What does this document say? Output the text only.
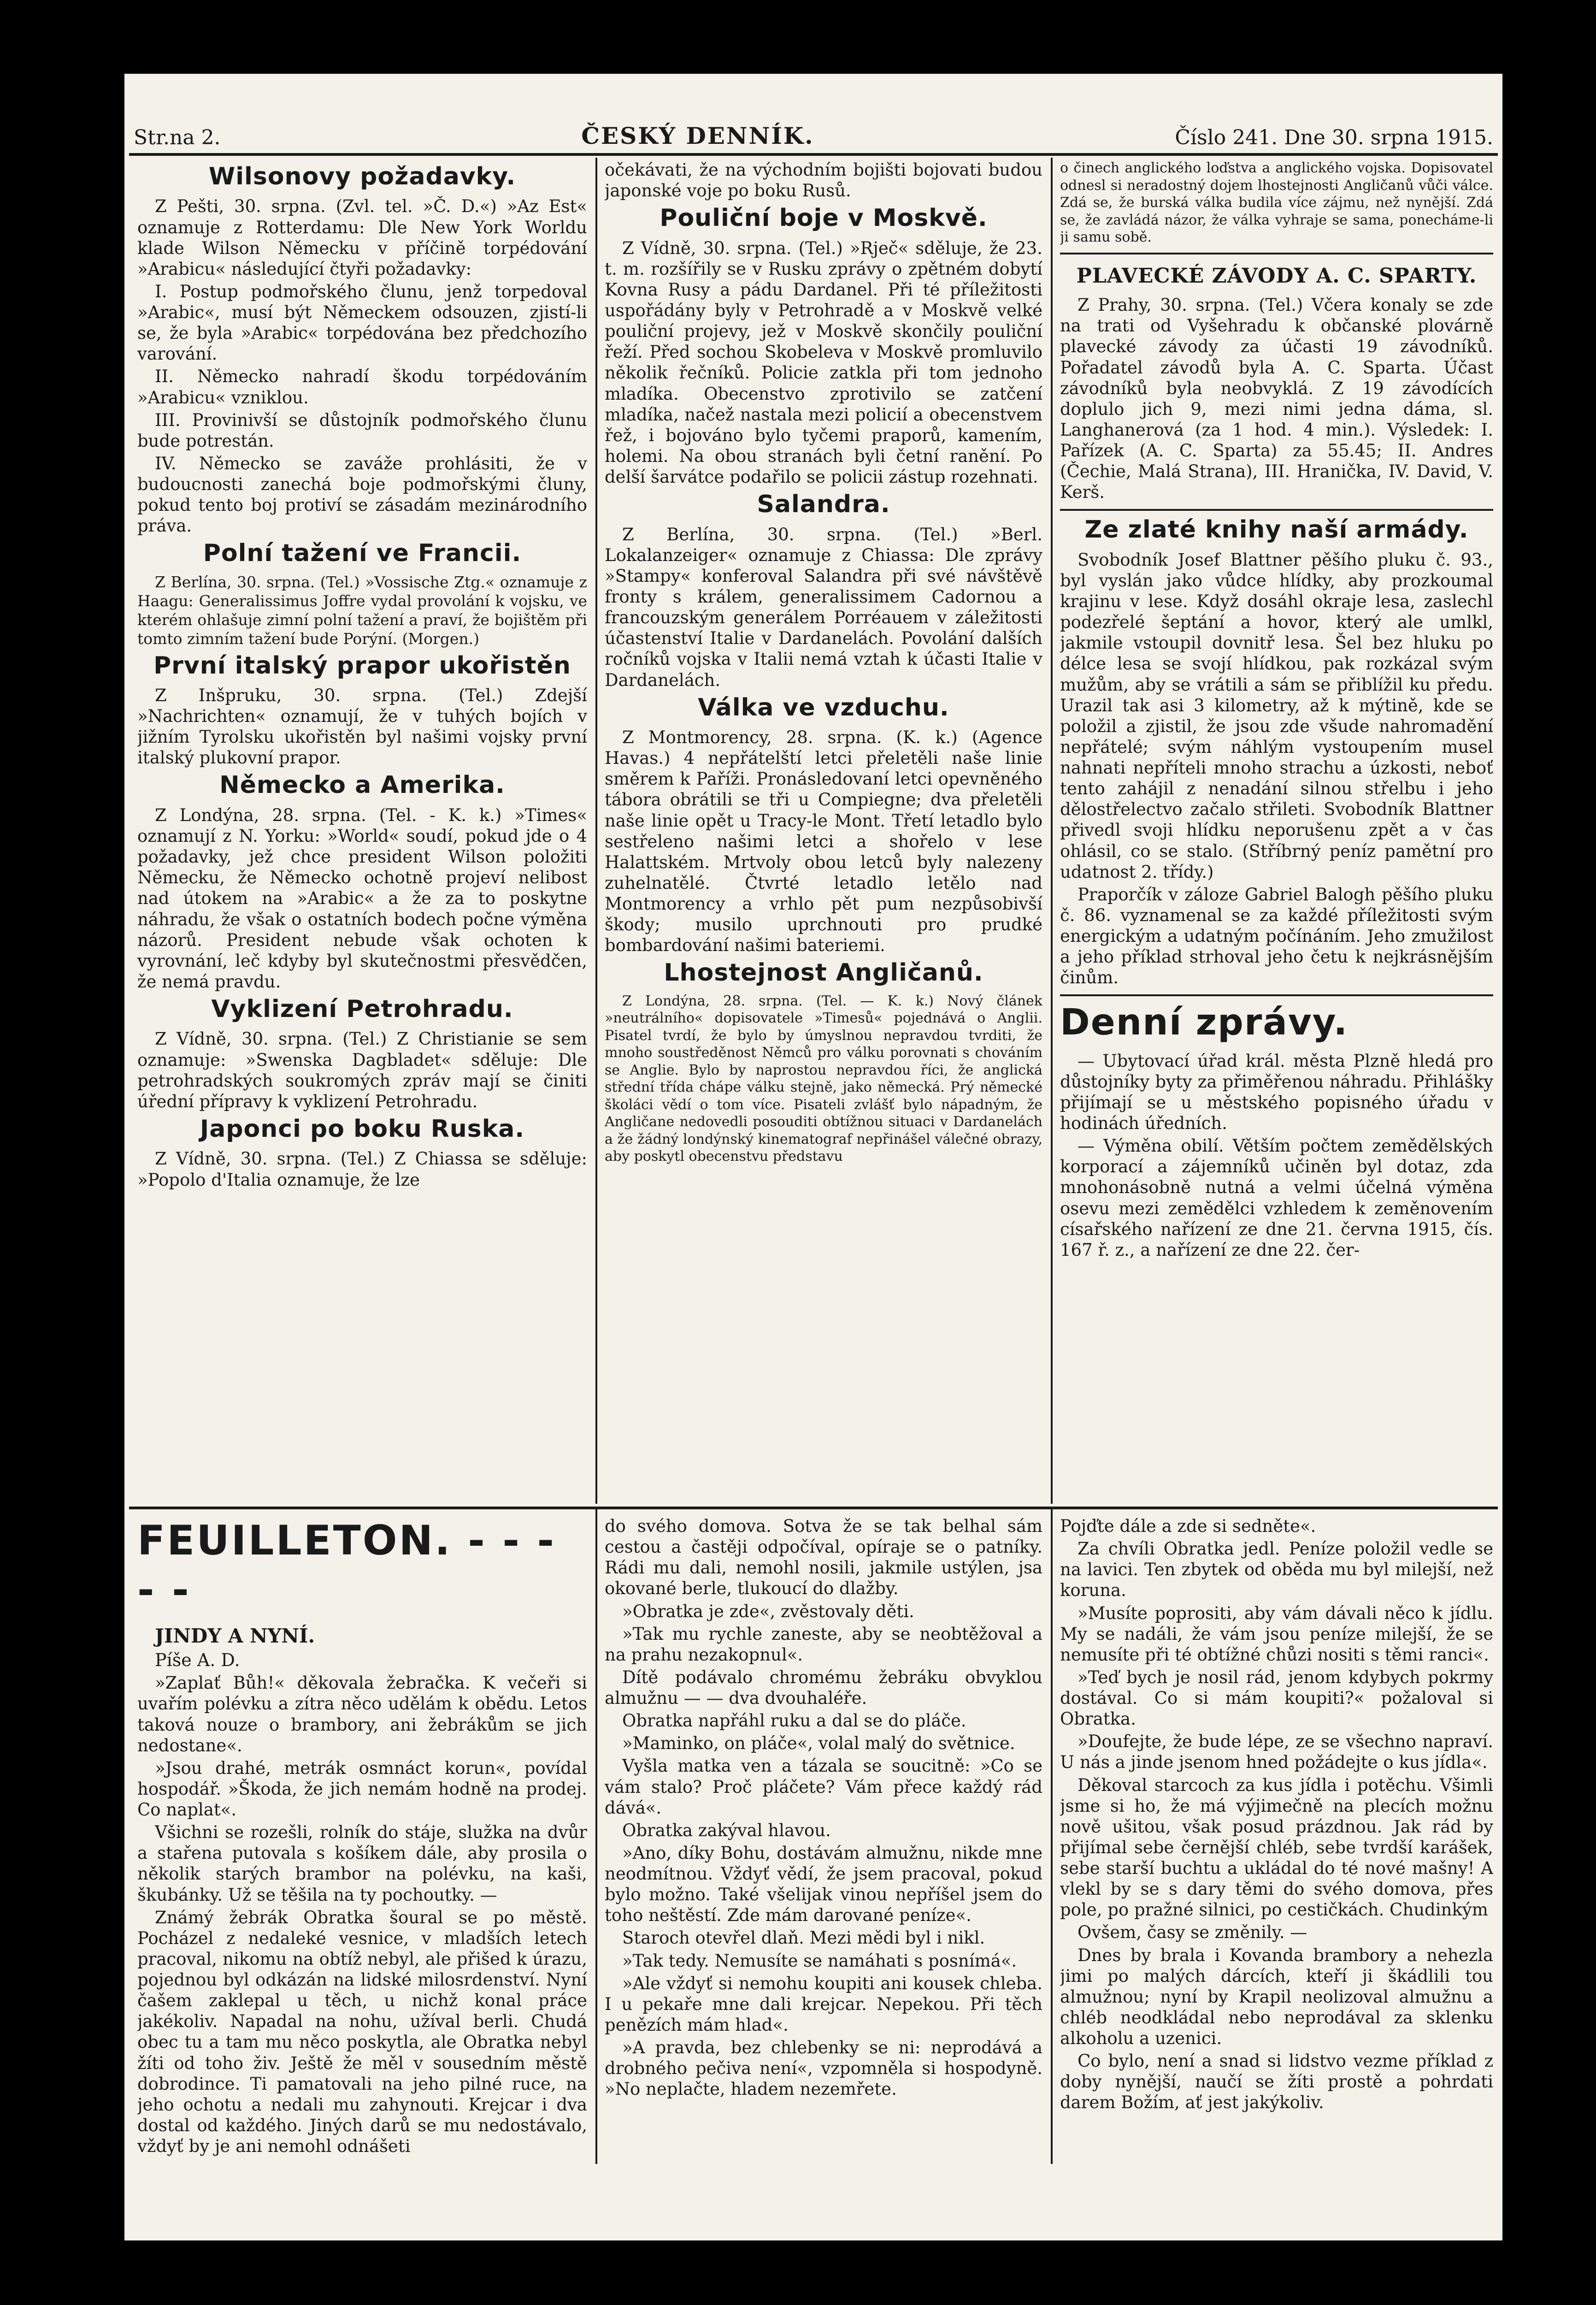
Str.na 2.	ČESKÝ DENNÍK.	Číslo 241. Dne 30. srpna 1915.
Wilsonovy požadavky.

Z Pešti, 30. srpna. (Zvl. tel. »Č. D.«) »Az Est« oznamuje z Rotterdamu: Dle New York Worldu klade Wilson Německu v příčině torpédování »Arabicu« následující čtyři požadavky:

I. Postup podmořského člunu, jenž torpedoval »Arabic«, musí být Německem odsouzen, zjistí-li se, že byla »Arabic« torpédována bez předchozího varování.

II. Německo nahradí škodu torpédováním »Arabicu« vzniklou.

III. Provinivší se důstojník podmořského člunu bude potrestán.

IV. Německo se zaváže prohlásiti, že v budoucnosti zanechá boje podmořskými čluny, pokud tento boj protiví se zásadám mezinárodního práva.

Polní tažení ve Francii.

Z Berlína, 30. srpna. (Tel.) »Vossische Ztg.« oznamuje z Haagu: Generalissimus Joffre vydal provolání k vojsku, ve kterém ohlašuje zimní polní tažení a praví, že bojištěm při tomto zimním tažení bude Porýní. (Morgen.)

První italský prapor ukořistěn

Z Inšpruku, 30. srpna. (Tel.) Zdejší »Nachrichten« oznamují, že v tuhých bojích v jižním Tyrolsku ukořistěn byl našimi vojsky první italský plukovní prapor.

Německo a Amerika.

Z Londýna, 28. srpna. (Tel. - K. k.) »Times« oznamují z N. Yorku: »World« soudí, pokud jde o 4 požadavky, jež chce president Wilson položiti Německu, že Německo ochotně projeví nelibost nad útokem na »Arabic« a že za to poskytne náhradu, že však o ostatních bodech počne výměna názorů. President nebude však ochoten k vyrovnání, leč kdyby byl skutečnostmi přesvědčen, že nemá pravdu.

Vyklizení Petrohradu.

Z Vídně, 30. srpna. (Tel.) Z Christianie se sem oznamuje: »Swenska Dagbladet« sděluje: Dle petrohradských soukromých zpráv mají se činiti úřední přípravy k vyklizení Petrohradu.

Japonci po boku Ruska.

Z Vídně, 30. srpna. (Tel.) Z Chiassa se sděluje: »Popolo d'Italia oznamuje, že lze

očekávati, že na východním bojišti bojovati budou japonské voje po boku Rusů.

Pouliční boje v Moskvě.

Z Vídně, 30. srpna. (Tel.) »Rječ« sděluje, že 23. t. m. rozšířily se v Rusku zprávy o zpětném dobytí Kovna Rusy a pádu Dardanel. Při té příležitosti uspořádány byly v Petrohradě a v Moskvě velké pouliční projevy, jež v Moskvě skončily pouliční řeží. Před sochou Skobeleva v Moskvě promluvilo několik řečníků. Policie zatkla při tom jednoho mladíka. Obecenstvo zprotivilo se zatčení mladíka, načež nastala mezi policií a obecenstvem řež, i bojováno bylo tyčemi praporů, kamením, holemi. Na obou stranách byli četní ranění. Po delší šarvátce podařilo se policii zástup rozehnati.

Salandra.

Z Berlína, 30. srpna. (Tel.) »Berl. Lokalanzeiger« oznamuje z Chiassa: Dle zprávy »Stampy« konferoval Salandra při své návštěvě fronty s králem, generalissimem Cadornou a francouzským generálem Porréauem v záležitosti účastenství Italie v Dardanelách. Povolání dalších ročníků vojska v Italii nemá vztah k účasti Italie v Dardanelách.

Válka ve vzduchu.

Z Montmorency, 28. srpna. (K. k.) (Agence Havas.) 4 nepřátelští letci přeletěli naše linie směrem k Paříži. Pronásledovaní letci opevněného tábora obrátili se tři u Compiegne; dva přeletěli naše linie opět u Tracy-le Mont. Třetí letadlo bylo sestřeleno našimi letci a shořelo v lese Halattském. Mrtvoly obou letců byly nalezeny zuhelnatělé. Čtvrté letadlo letělo nad Montmorency a vrhlo pět pum nezpůsobivší škody; musilo uprchnouti pro prudké bombardování našimi bateriemi.

Lhostejnost Angličanů.

Z Londýna, 28. srpna. (Tel. — K. k.) Nový článek »neutrálního« dopisovatele »Timesů« pojednává o Anglii. Pisatel tvrdí, že bylo by úmyslnou nepravdou tvrditi, že mnoho soustředěnost Němců pro válku porovnati s chováním se Anglie. Bylo by naprostou nepravdou říci, že anglická střední třída chápe válku stejně, jako německá. Prý německé školáci vědí o tom více. Pisateli zvlášť bylo nápadným, že Angličane nedovedli posouditi obtížnou situaci v Dardanelách a že žádný londýnský kinematograf nepřinášel válečné obrazy, aby poskytl obecenstvu představu

o činech anglického loďstva a anglického vojska. Dopisovatel odnesl si neradostný dojem lhostejnosti Angličanů vůči válce. Zdá se, že burská válka budila více zájmu, než nynější. Zdá se, že zavládá názor, že válka vyhraje se sama, ponecháme-li ji samu sobě.

PLAVECKÉ ZÁVODY A. C. SPARTY.

Z Prahy, 30. srpna. (Tel.) Včera konaly se zde na trati od Vyšehradu k občanské plovárně plavecké závody za účasti 19 závodníků. Pořadatel závodů byla A. C. Sparta. Účast závodníků byla neobvyklá. Z 19 závodících doplulo jich 9, mezi nimi jedna dáma, sl. Langhanerová (za 1 hod. 4 min.). Výsledek: I. Pařízek (A. C. Sparta) za 55.45; II. Andres (Čechie, Malá Strana), III. Hranička, IV. David, V. Kerš.

Ze zlaté knihy naší armády.

Svobodník Josef Blattner pěšího pluku č. 93., byl vyslán jako vůdce hlídky, aby prozkoumal krajinu v lese. Když dosáhl okraje lesa, zaslechl podezřelé šeptání a hovor, který ale umlkl, jakmile vstoupil dovnitř lesa. Šel bez hluku po délce lesa se svojí hlídkou, pak rozkázal svým mužům, aby se vrátili a sám se přiblížil ku předu. Urazil tak asi 3 kilometry, až k mýtině, kde se položil a zjistil, že jsou zde všude nahromadění nepřátelé; svým náhlým vystoupením musel nahnati nepříteli mnoho strachu a úzkosti, neboť tento zahájil z nenadání silnou střelbu i jeho dělostřelectvo začalo střileti. Svobodník Blattner přivedl svoji hlídku neporušenu zpět a v čas ohlásil, co se stalo. (Stříbrný peníz pamětní pro udatnost 2. třídy.)

Praporčík v záloze Gabriel Balogh pěšího pluku č. 86. vyznamenal se za každé příležitosti svým energickým a udatným počínáním. Jeho zmužilost a jeho příklad strhoval jeho četu k nejkrásnějším činům.

Denní zprávy.

— Ubytovací úřad král. města Plzně hledá pro důstojníky byty za přiměřenou náhradu. Přihlášky přijímají se u městského popisného úřadu v hodinách úředních.

— Výměna obilí. Větším počtem zemědělských korporací a zájemníků učiněn byl dotaz, zda mnohonásobně nutná a velmi účelná výměna osevu mezi zemědělci vzhledem k zeměnovením císařského nařízení ze dne 21. června 1915, čís. 167 ř. z., a nařízení ze dne 22. čer-

FEUILLETON. - - - - -

JINDY A NYNÍ.

Píše A. D.

»Zaplať Bůh!« děkovala žebračka. K večeři si uvařím polévku a zítra něco udělám k obědu. Letos taková nouze o brambory, ani žebrákům se jich nedostane«.

»Jsou drahé, metrák osmnáct korun«, povídal hospodář. »Škoda, že jich nemám hodně na prodej. Co naplat«.

Všichni se rozešli, rolník do stáje, služka na dvůr a stařena putovala s košíkem dále, aby prosila o několik starých brambor na polévku, na kaši, škubánky. Už se těšila na ty pochoutky. —

Známý žebrák Obratka šoural se po městě. Pocházel z nedaleké vesnice, v mladších letech pracoval, nikomu na obtíž nebyl, ale přišed k úrazu, pojednou byl odkázán na lidské milosrdenství. Nyní čašem zaklepal u těch, u nichž konal práce jakékoliv. Napadal na nohu, užíval berli. Chudá obec tu a tam mu něco poskytla, ale Obratka nebyl žíti od toho živ. Ještě že měl v sousedním městě dobrodince. Ti pamatovali na jeho pilné ruce, na jeho ochotu a nedali mu zahynouti. Krejcar i dva dostal od každého. Jiných darů se mu nedostávalo, vždyť by je ani nemohl odnášeti

do svého domova. Sotva že se tak belhal sám cestou a častěji odpočíval, opíraje se o patníky. Rádi mu dali, nemohl nosili, jakmile ustýlen, jsa okované berle, tlukoucí do dlažby.

»Obratka je zde«, zvěstovaly děti.

»Tak mu rychle zaneste, aby se neobtěžoval a na prahu nezakopnul«.

Dítě podávalo chromému žebráku obvyklou almužnu — — dva dvouhaléře.

Obratka napřáhl ruku a dal se do pláče.

»Maminko, on pláče«, volal malý do světnice.

Vyšla matka ven a tázala se soucitně: »Co se vám stalo? Proč pláčete? Vám přece každý rád dává«.

Obratka zakýval hlavou.

»Ano, díky Bohu, dostávám almužnu, nikde mne neodmítnou. Vždyť vědí, že jsem pracoval, pokud bylo možno. Také všelijak vinou nepříšel jsem do toho neštěstí. Zde mám darované peníze«.

Staroch otevřel dlaň. Mezi mědi byl i nikl.

»Tak tedy. Nemusíte se namáhati s posnímá«.

»Ale vždyť si nemohu koupiti ani kousek chleba. I u pekaře mne dali krejcar. Nepekou. Při těch penězích mám hlad«.

»A pravda, bez chlebenky se ni: neprodává a drobného pečiva není«, vzpomněla si hospodyně. »No neplačte, hladem nezemřete.

Pojďte dále a zde si sedněte«.

Za chvíli Obratka jedl. Peníze položil vedle se na lavici. Ten zbytek od oběda mu byl milejší, než koruna.

»Musíte poprositi, aby vám dávali něco k jídlu. My se nadáli, že vám jsou peníze milejší, že se nemusíte při té obtížné chůzi nositi s těmi ranci«.

»Teď bych je nosil rád, jenom kdybych pokrmy dostával. Co si mám koupiti?« požaloval si Obratka.

»Doufejte, že bude lépe, ze se všechno napraví. U nás a jinde jsenom hned požádejte o kus jídla«.

Děkoval starcoch za kus jídla i potěchu. Všimli jsme si ho, že má výjimečně na plecích možnu nově ušitou, však posud prázdnou. Jak rád by přijímal sebe černější chléb, sebe tvrdší karášek, sebe starší buchtu a ukládal do té nové mašny! A vlekl by se s dary těmi do svého domova, přes pole, po pražné silnici, po cestičkách. Chudinkým

Ovšem, časy se změnily. —

Dnes by brala i Kovanda brambory a nehezla jimi po malých dárcích, kteří ji škádlili tou almužnou; nyní by Krapil neolizoval almužnu a chléb neodkládal nebo neprodával za sklenku alkoholu a uzenici.

Co bylo, není a snad si lidstvo vezme příklad z doby nynější, naučí se žíti prostě a pohrdati darem Božím, ať jest jakýkoliv.
